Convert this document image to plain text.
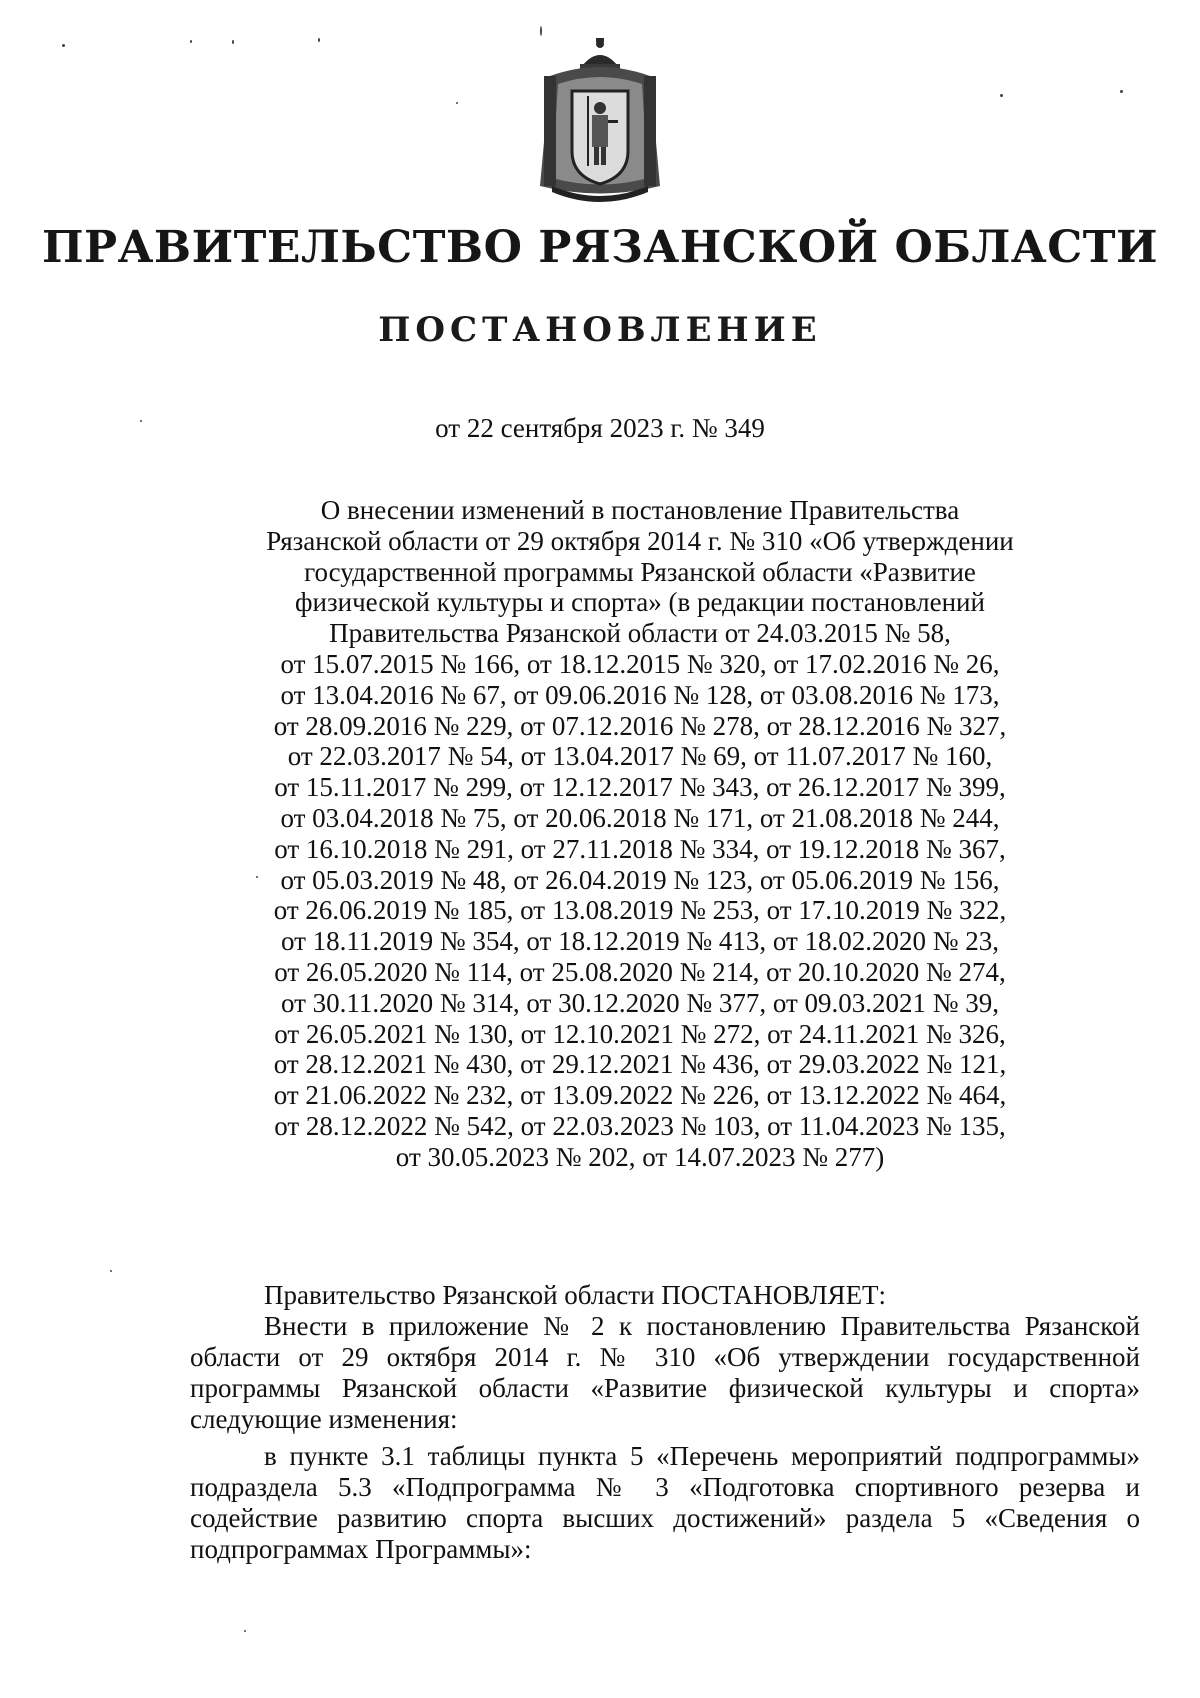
ПРАВИТЕЛЬСТВО РЯЗАНСКОЙ ОБЛАСТИ
ПОСТАНОВЛЕНИЕ
от 22 сентября 2023 г. № 349
О внесении изменений в постановление Правительства
Рязанской области от 29 октября 2014 г. № 310 «Об утверждении
государственной программы Рязанской области «Развитие
физической культуры и спорта» (в редакции постановлений
Правительства Рязанской области от 24.03.2015 № 58,
от 15.07.2015 № 166, от 18.12.2015 № 320, от 17.02.2016 № 26,
от 13.04.2016 № 67, от 09.06.2016 № 128, от 03.08.2016 № 173,
от 28.09.2016 № 229, от 07.12.2016 № 278, от 28.12.2016 № 327,
от 22.03.2017 № 54, от 13.04.2017 № 69, от 11.07.2017 № 160,
от 15.11.2017 № 299, от 12.12.2017 № 343, от 26.12.2017 № 399,
от 03.04.2018 № 75, от 20.06.2018 № 171, от 21.08.2018 № 244,
от 16.10.2018 № 291, от 27.11.2018 № 334, от 19.12.2018 № 367,
от 05.03.2019 № 48, от 26.04.2019 № 123, от 05.06.2019 № 156,
от 26.06.2019 № 185, от 13.08.2019 № 253, от 17.10.2019 № 322,
от 18.11.2019 № 354, от 18.12.2019 № 413, от 18.02.2020 № 23,
от 26.05.2020 № 114, от 25.08.2020 № 214, от 20.10.2020 № 274,
от 30.11.2020 № 314, от 30.12.2020 № 377, от 09.03.2021 № 39,
от 26.05.2021 № 130, от 12.10.2021 № 272, от 24.11.2021 № 326,
от 28.12.2021 № 430, от 29.12.2021 № 436, от 29.03.2022 № 121,
от 21.06.2022 № 232, от 13.09.2022 № 226, от 13.12.2022 № 464,
от 28.12.2022 № 542, от 22.03.2023 № 103, от 11.04.2023 № 135,
от 30.05.2023 № 202, от 14.07.2023 № 277)

Правительство Рязанской области ПОСТАНОВЛЯЕТ:

Внести в приложение № 2 к постановлению Правительства Рязанской области от 29 октября 2014 г. № 310 «Об утверждении государственной программы Рязанской области «Развитие физической культуры и спорта» следующие изменения:

в пункте 3.1 таблицы пункта 5 «Перечень мероприятий подпрограммы» подраздела 5.3 «Подпрограмма № 3 «Подготовка спортивного резерва и содействие развитию спорта высших достижений» раздела 5 «Сведения о подпрограммах Программы»:
